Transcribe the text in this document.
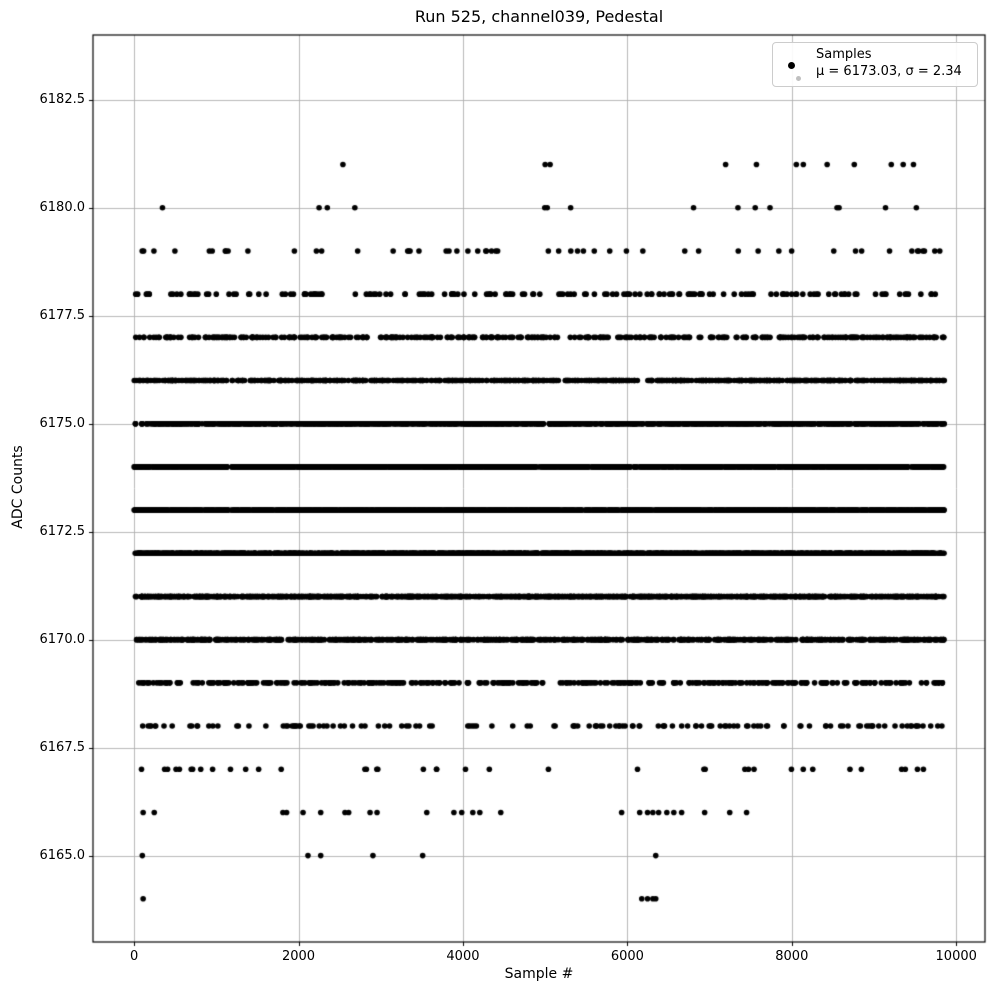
Run 525, channel039, Pedestal
Sample #
ADC Counts
0	2000	4000	6000	8000	10000
6165.0
6167.5
6170.0
6172.5
6175.0
6177.5
6180.0
6182.5
Samples
μ = 6173.03, σ = 2.34
